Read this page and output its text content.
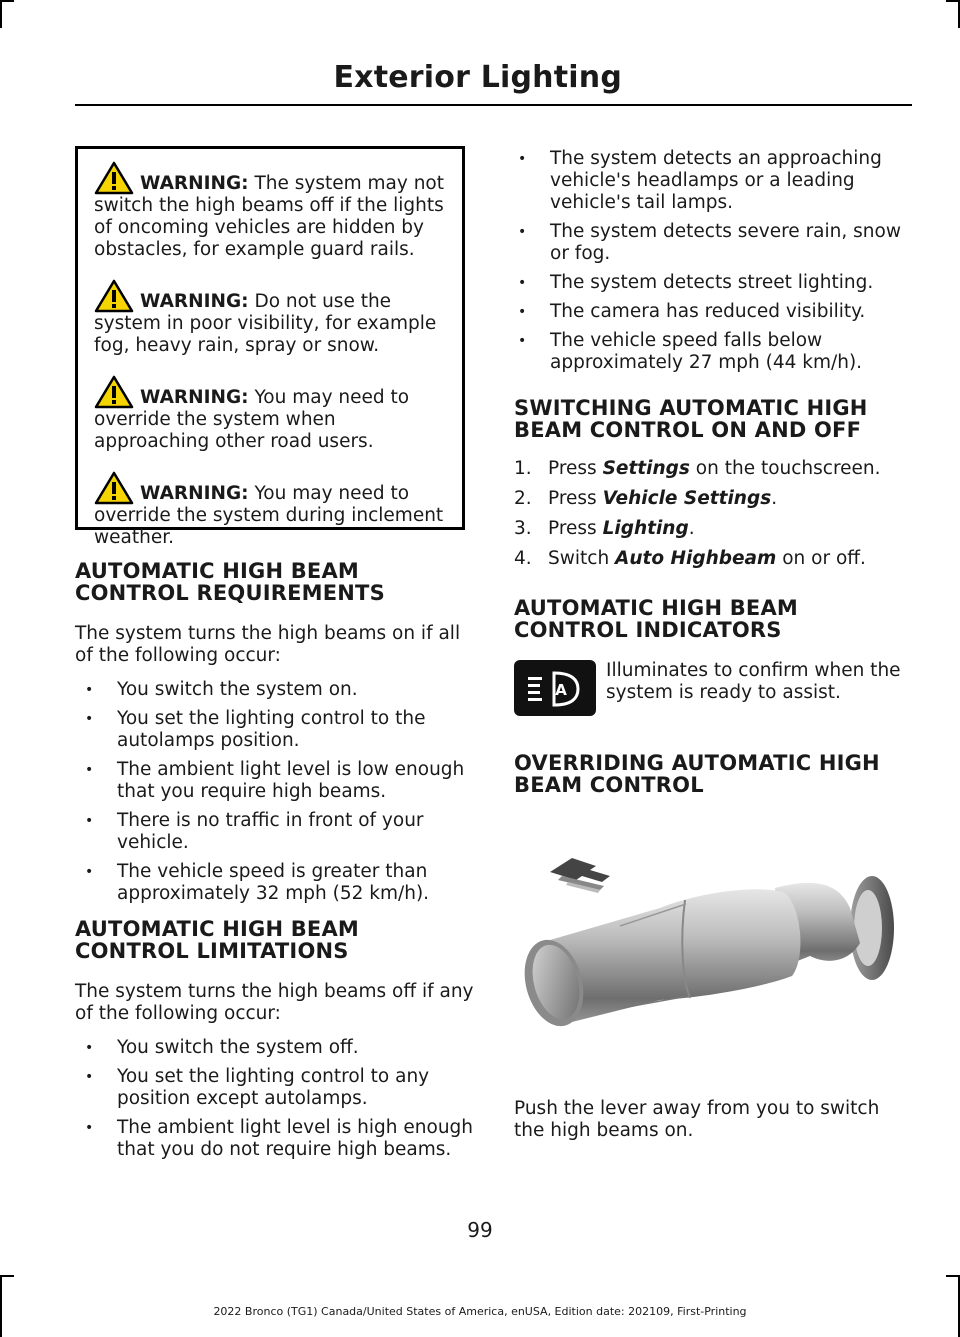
Exterior Lighting
WARNING: The system may not switch the high beams off if the lights of oncoming vehicles are hidden by obstacles, for example guard rails.
WARNING: Do not use the system in poor visibility, for example fog, heavy rain, spray or snow.
WARNING: You may need to override the system when approaching other road users.
WARNING: You may need to override the system during inclement weather.
AUTOMATIC HIGH BEAM
CONTROL REQUIREMENTS

The system turns the high beams on if all of the following occur:

• You switch the system on.
• You set the lighting control to the autolamps position.
• The ambient light level is low enough that you require high beams.
• There is no traffic in front of your vehicle.
• The vehicle speed is greater than approximately 32 mph (52 km/h).
AUTOMATIC HIGH BEAM
CONTROL LIMITATIONS

The system turns the high beams off if any of the following occur:

• You switch the system off.
• You set the lighting control to any position except autolamps.
• The ambient light level is high enough that you do not require high beams.
• The system detects an approaching vehicle's headlamps or a leading vehicle's tail lamps.
• The system detects severe rain, snow or fog.
• The system detects street lighting.
• The camera has reduced visibility.
• The vehicle speed falls below approximately 27 mph (44 km/h).
SWITCHING AUTOMATIC HIGH
BEAM CONTROL ON AND OFF
1. Press Settings on the touchscreen.
2. Press Vehicle Settings.
3. Press Lighting.
4. Switch Auto Highbeam on or off.
AUTOMATIC HIGH BEAM
CONTROL INDICATORS
A

Illuminates to confirm when the system is ready to assist.

OVERRIDING AUTOMATIC HIGH
BEAM CONTROL

Push the lever away from you to switch the high beams on.

99
2022 Bronco (TG1) Canada/United States of America, enUSA, Edition date: 202109, First-Printing
